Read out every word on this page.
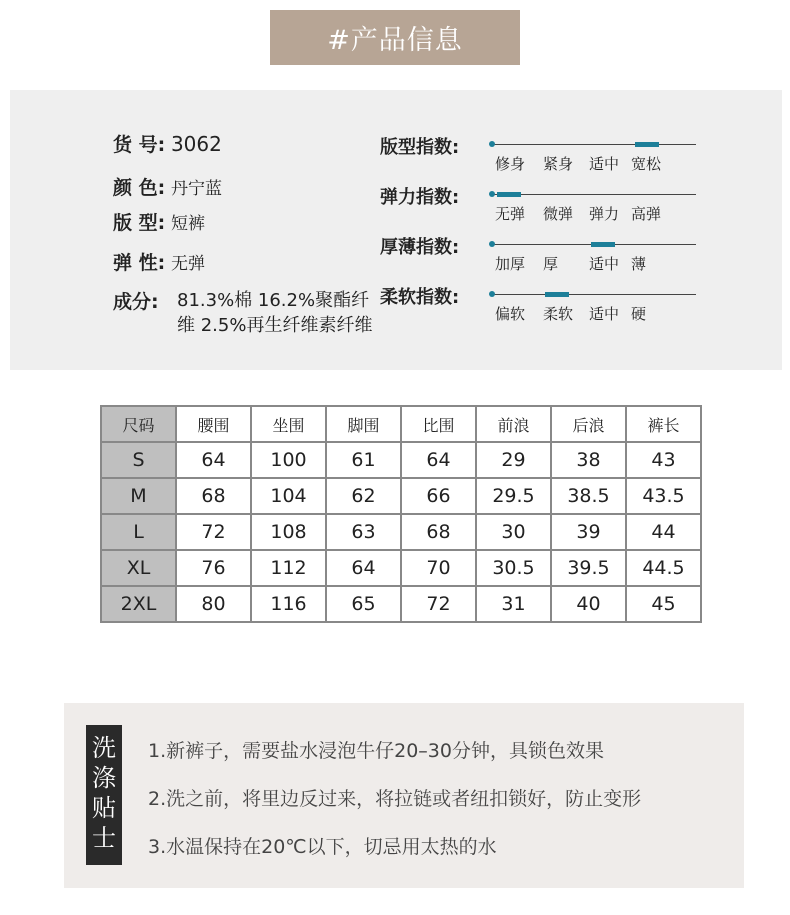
#产品信息
货 号: 3062
颜 色: 丹宁蓝
版 型: 短裤
弹 性: 无弹
成分: 81.3%棉 16.2%聚酯纤维 2.5%再生纤维素纤维
版型指数:
修身 紧身 适中 宽松
弹力指数:
无弹 微弹 弹力 高弹
厚薄指数:
加厚 厚 适中 薄
柔软指数:
偏软 柔软 适中 硬
尺码	腰围	坐围	脚围	比围	前浪	后浪	裤长
S	64	100	61	64	29	38	43
M	68	104	62	66	29.5	38.5	43.5
L	72	108	63	68	30	39	44
XL	76	112	64	70	30.5	39.5	44.5
2XL	80	116	65	72	31	40	45
洗涤贴士
1.新裤子，需要盐水浸泡牛仔20–30分钟，具锁色效果
2.洗之前，将里边反过来，将拉链或者纽扣锁好，防止变形
3.水温保持在20℃以下，切忌用太热的水
